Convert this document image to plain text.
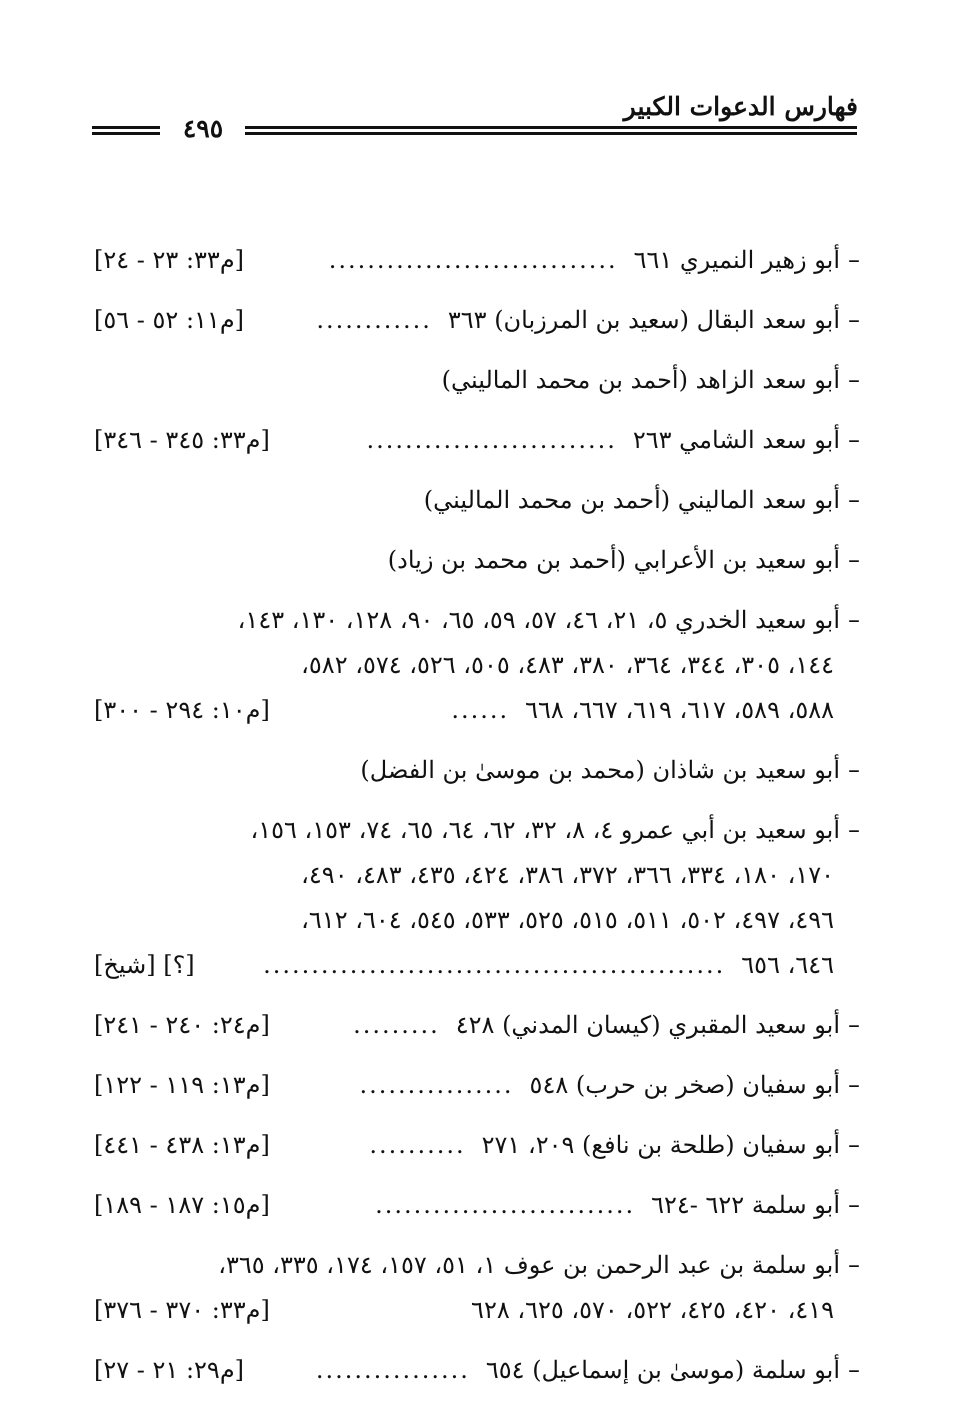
فهارس الدعوات الكبير
٤٩٥
–
أبو زهير النميري ٦٦١
..............................
[م٣٣: ٢٣ - ٢٤]
–
أبو سعد البقال (سعيد بن المرزبان) ٣٦٣
............
[م١١: ٥٢ - ٥٦]
–
أبو سعد الزاهد (أحمد بن محمد الماليني)
–
أبو سعد الشامي ٢٦٣
..........................
[م٣٣: ٣٤٥ - ٣٤٦]
–
أبو سعد الماليني (أحمد بن محمد الماليني)
–
أبو سعيد بن الأعرابي (أحمد بن محمد بن زياد)
–
أبو سعيد الخدري ٥، ٢١، ٤٦، ٥٧، ٥٩، ٦٥، ٩٠، ١٢٨، ١٣٠، ١٤٣،
١٤٤، ٣٠٥، ٣٤٤، ٣٦٤، ٣٨٠، ٤٨٣، ٥٠٥، ٥٢٦، ٥٧٤، ٥٨٢،
٥٨٨، ٥٨٩، ٦١٧، ٦١٩، ٦٦٧، ٦٦٨
......
[م١٠: ٢٩٤ - ٣٠٠]
–
أبو سعيد بن شاذان (محمد بن موسىٰ بن الفضل)
–
أبو سعيد بن أبي عمرو ٤، ٨، ٣٢، ٦٢، ٦٤، ٦٥، ٧٤، ١٥٣، ١٥٦،
١٧٠، ١٨٠، ٣٣٤، ٣٦٦، ٣٧٢، ٣٨٦، ٤٢٤، ٤٣٥، ٤٨٣، ٤٩٠،
٤٩٦، ٤٩٧، ٥٠٢، ٥١١، ٥١٥، ٥٢٥، ٥٣٣، ٥٤٥، ٦٠٤، ٦١٢،
٦٤٦، ٦٥٦
................................................
[؟] [شيخ]
–
أبو سعيد المقبري (كيسان المدني) ٤٢٨
.........
[م٢٤: ٢٤٠ - ٢٤١]
–
أبو سفيان (صخر بن حرب) ٥٤٨
................
[م١٣: ١١٩ - ١٢٢]
–
أبو سفيان (طلحة بن نافع) ٢٠٩، ٢٧١
..........
[م١٣: ٤٣٨ - ٤٤١]
–
أبو سلمة ٦٢٢ -٦٢٤
...........................
[م١٥: ١٨٧ - ١٨٩]
–
أبو سلمة بن عبد الرحمن بن عوف ١، ٥١، ١٥٧، ١٧٤، ٣٣٥، ٣٦٥،
٤١٩، ٤٢٠، ٤٢٥، ٥٢٢، ٥٧٠، ٦٢٥، ٦٢٨
[م٣٣: ٣٧٠ - ٣٧٦]
–
أبو سلمة (موسىٰ بن إسماعيل) ٦٥٤
................
[م٢٩: ٢١ - ٢٧]
